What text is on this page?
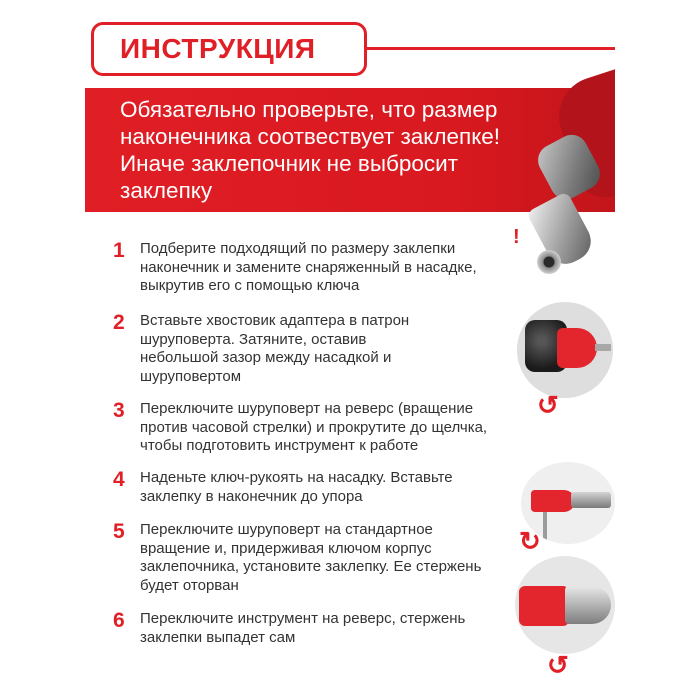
ИНСТРУКЦИЯ
Обязательно проверьте, что размер наконечника соотвествует заклепке! Иначе заклепочник не выбросит заклепку
!
1	Подберите подходящий по размеру заклепки наконечник и замените снаряженный в насадке, выкрутив его с помощью ключа
2	Вставьте хвостовик адаптера в патрон шуруповерта. Затяните, оставив небольшой зазор между насадкой и шуруповертом
3	Переключите шуруповерт на реверс (вращение против часовой стрелки) и прокрутите до щелчка, чтобы подготовить инструмент к работе
4	Наденьте ключ-рукоять на насадку. Вставьте заклепку в наконечник до упора
5	Переключите шуруповерт на стандартное вращение и, придерживая ключом корпус заклепочника, установите заклепку. Ее стержень будет оторван
6	Переключите инструмент на реверс, стержень заклепки выпадет сам
↺
↻
↺
